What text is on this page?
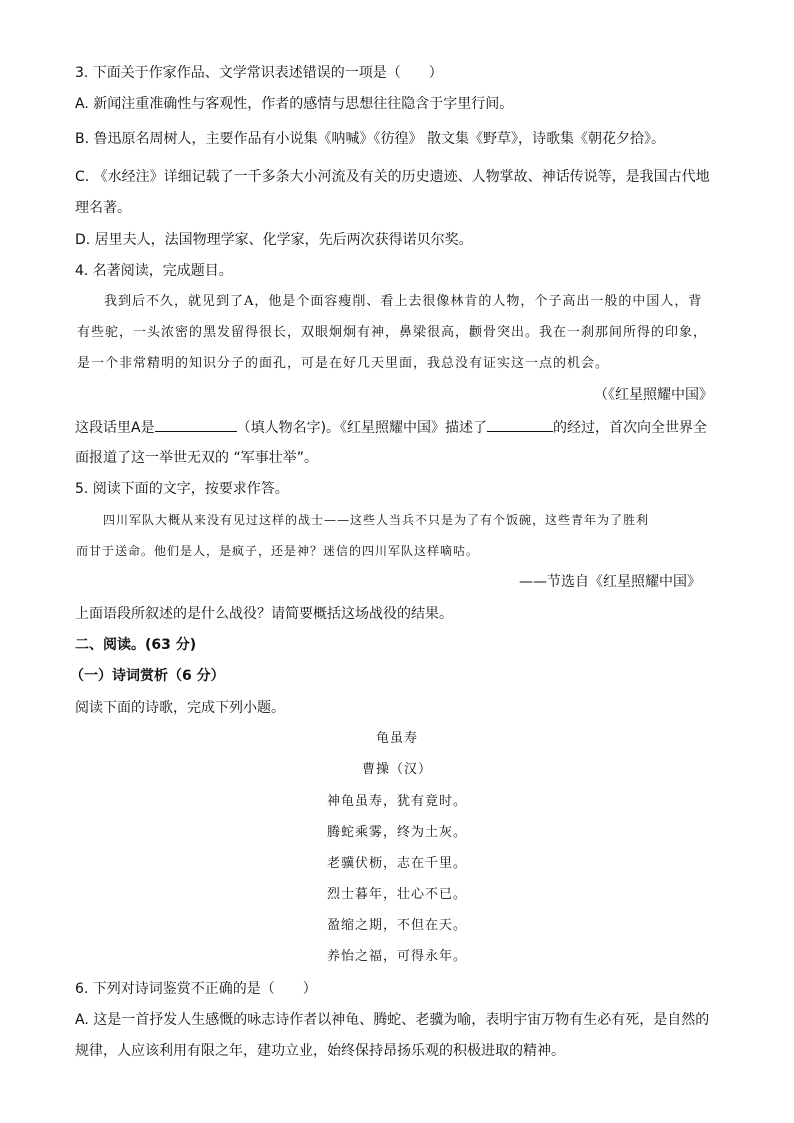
3. 下面关于作家作品、文学常识表述错误的一项是（　　）
A. 新闻注重准确性与客观性，作者的感情与思想往往隐含于字里行间。
B. 鲁迅原名周树人，主要作品有小说集《呐喊》《彷徨》 散文集《野草》，诗歌集《朝花夕拾》。
C. 《水经注》详细记载了一千多条大小河流及有关的历史遗迹、人物掌故、神话传说等，是我国古代地
理名著。
D. 居里夫人，法国物理学家、化学家，先后两次获得诺贝尔奖。
4. 名著阅读，完成题目。
我到后不久，就见到了A，他是个面容瘦削、看上去很像林肯的人物，个子高出一般的中国人，背
有些驼，一头浓密的黑发留得很长，双眼炯炯有神，鼻梁很高，颧骨突出。我在一刹那间所得的印象，
是一个非常精明的知识分子的面孔，可是在好几天里面，我总没有证实这一点的机会。
（《红星照耀中国》
这段话里A是	（填人物名字)。《红星照耀中国》描述了	的经过，首次向全世界全
面报道了这一举世无双的 “军事壮举”。
5. 阅读下面的文字，按要求作答。
四川军队大概从来没有见过这样的战士——这些人当兵不只是为了有个饭碗，这些青年为了胜利
而甘于送命。他们是人，是疯子，还是神？迷信的四川军队这样嘀咕。
——节选自《红星照耀中国》
上面语段所叙述的是什么战役？请简要概括这场战役的结果。
二、阅读。(63 分)
（一）诗词赏析（6 分）
阅读下面的诗歌，完成下列小题。
龟虽寿
曹操（汉）
神龟虽寿，犹有竟时。
腾蛇乘雾，终为土灰。
老骥伏枥，志在千里。
烈士暮年，壮心不已。
盈缩之期，不但在天。
养怡之福，可得永年。
6. 下列对诗词鉴赏不正确的是（　　）
A. 这是一首抒发人生感慨的咏志诗作者以神龟、腾蛇、老骥为喻，表明宇宙万物有生必有死，是自然的
规律，人应该利用有限之年，建功立业，始终保持昂扬乐观的积极进取的精神。
